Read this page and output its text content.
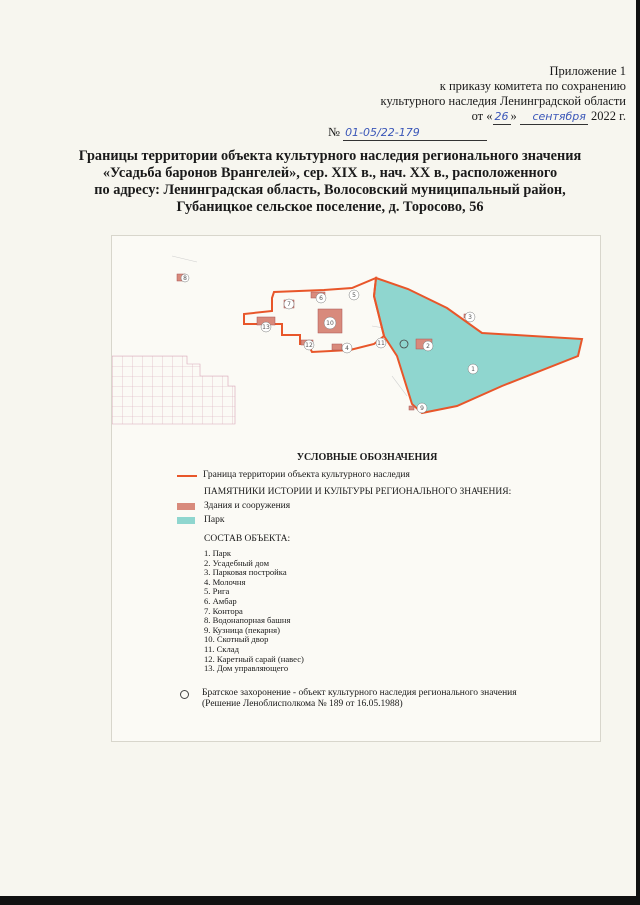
Приложение 1
к приказу комитета по сохранению
культурного наследия Ленинградской области
от « 26 » сентября 2022 г.
№ 01-05/22-179
Границы территории объекта культурного наследия регионального значения
«Усадьба баронов Врангелей», сер. XIX в., нач. XX в., расположенного
по адресу: Ленинградская область, Волосовский муниципальный район,
Губаницкое сельское поселение, д. Торосово, 56
1
2
3
4
5
6
7
8
9
10
11
12
13
УСЛОВНЫЕ ОБОЗНАЧЕНИЯ
Граница территории объекта культурного наследия
ПАМЯТНИКИ ИСТОРИИ И КУЛЬТУРЫ РЕГИОНАЛЬНОГО ЗНАЧЕНИЯ:
Здания и сооружения
Парк
СОСТАВ ОБЪЕКТА:
1. Парк
2. Усадебный дом
3. Парковая постройка
4. Молочня
5. Рига
6. Амбар
7. Контора
8. Водонапорная башня
9. Кузница (пекарня)
10. Скотный двор
11. Склад
12. Каретный сарай (навес)
13. Дом управляющего
Братское захоронение - объект культурного наследия регионального значения
(Решение Леноблисполкома № 189 от 16.05.1988)
